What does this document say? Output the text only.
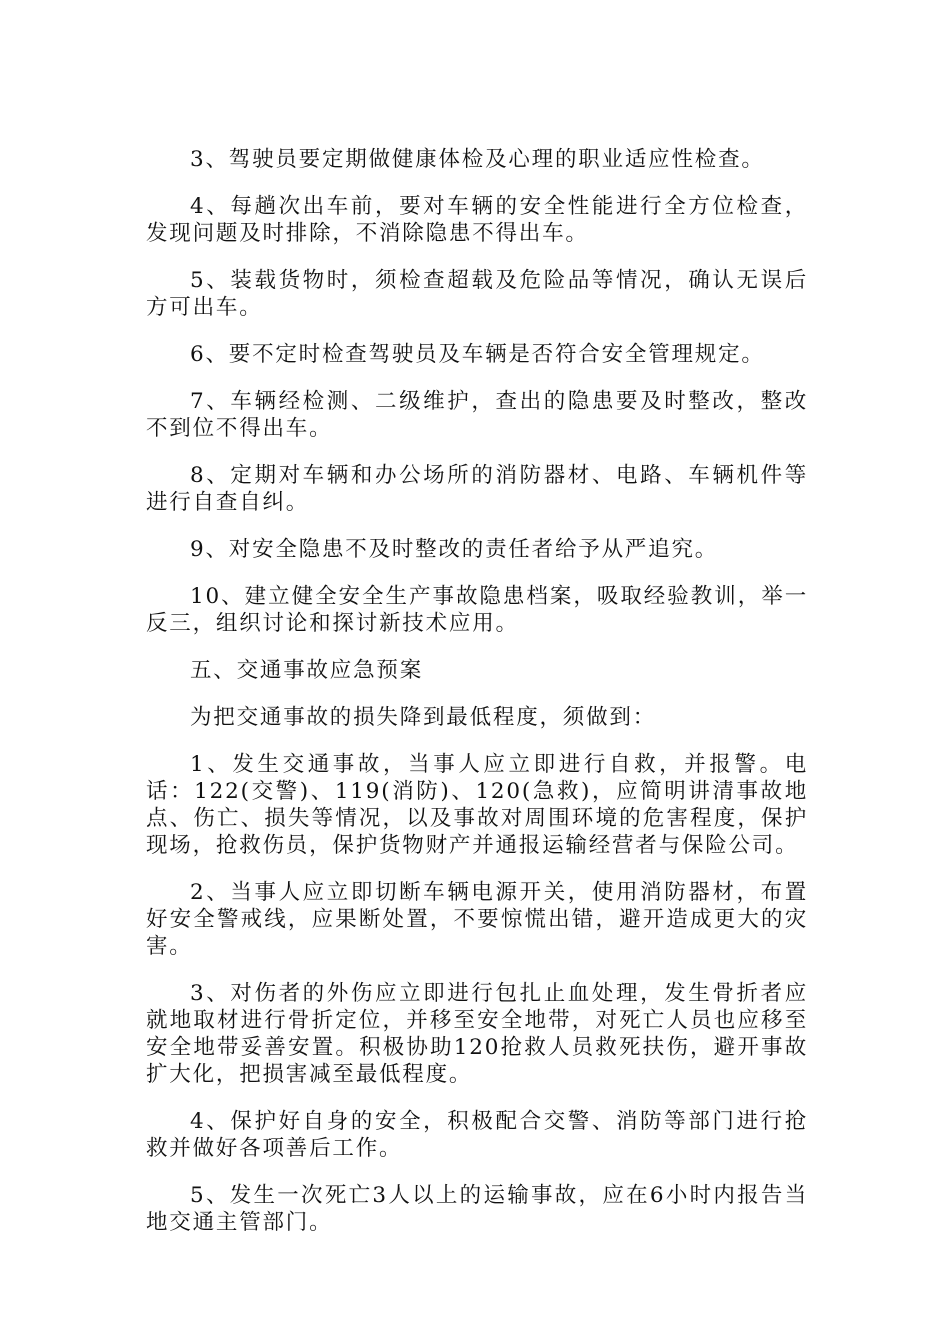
3、驾驶员要定期做健康体检及心理的职业适应性检查。

4、每趟次出车前，要对车辆的安全性能进行全方位检查，发现问题及时排除，不消除隐患不得出车。

5、装载货物时，须检查超载及危险品等情况，确认无误后方可出车。

6、要不定时检查驾驶员及车辆是否符合安全管理规定。

7、车辆经检测、二级维护，查出的隐患要及时整改，整改不到位不得出车。

8、定期对车辆和办公场所的消防器材、电路、车辆机件等进行自查自纠。

9、对安全隐患不及时整改的责任者给予从严追究。

10、建立健全安全生产事故隐患档案，吸取经验教训，举一反三，组织讨论和探讨新技术应用。

五、交通事故应急预案

为把交通事故的损失降到最低程度，须做到：

1、发生交通事故，当事人应立即进行自救，并报警。电话：122(交警)、119(消防)、120(急救)，应简明讲清事故地点、伤亡、损失等情况，以及事故对周围环境的危害程度，保护现场，抢救伤员，保护货物财产并通报运输经营者与保险公司。

2、当事人应立即切断车辆电源开关，使用消防器材，布置好安全警戒线，应果断处置，不要惊慌出错，避开造成更大的灾害。

3、对伤者的外伤应立即进行包扎止血处理，发生骨折者应就地取材进行骨折定位，并移至安全地带，对死亡人员也应移至安全地带妥善安置。积极协助120抢救人员救死扶伤，避开事故扩大化，把损害减至最低程度。

4、保护好自身的安全，积极配合交警、消防等部门进行抢救并做好各项善后工作。

5、发生一次死亡3人以上的运输事故，应在6小时内报告当地交通主管部门。
